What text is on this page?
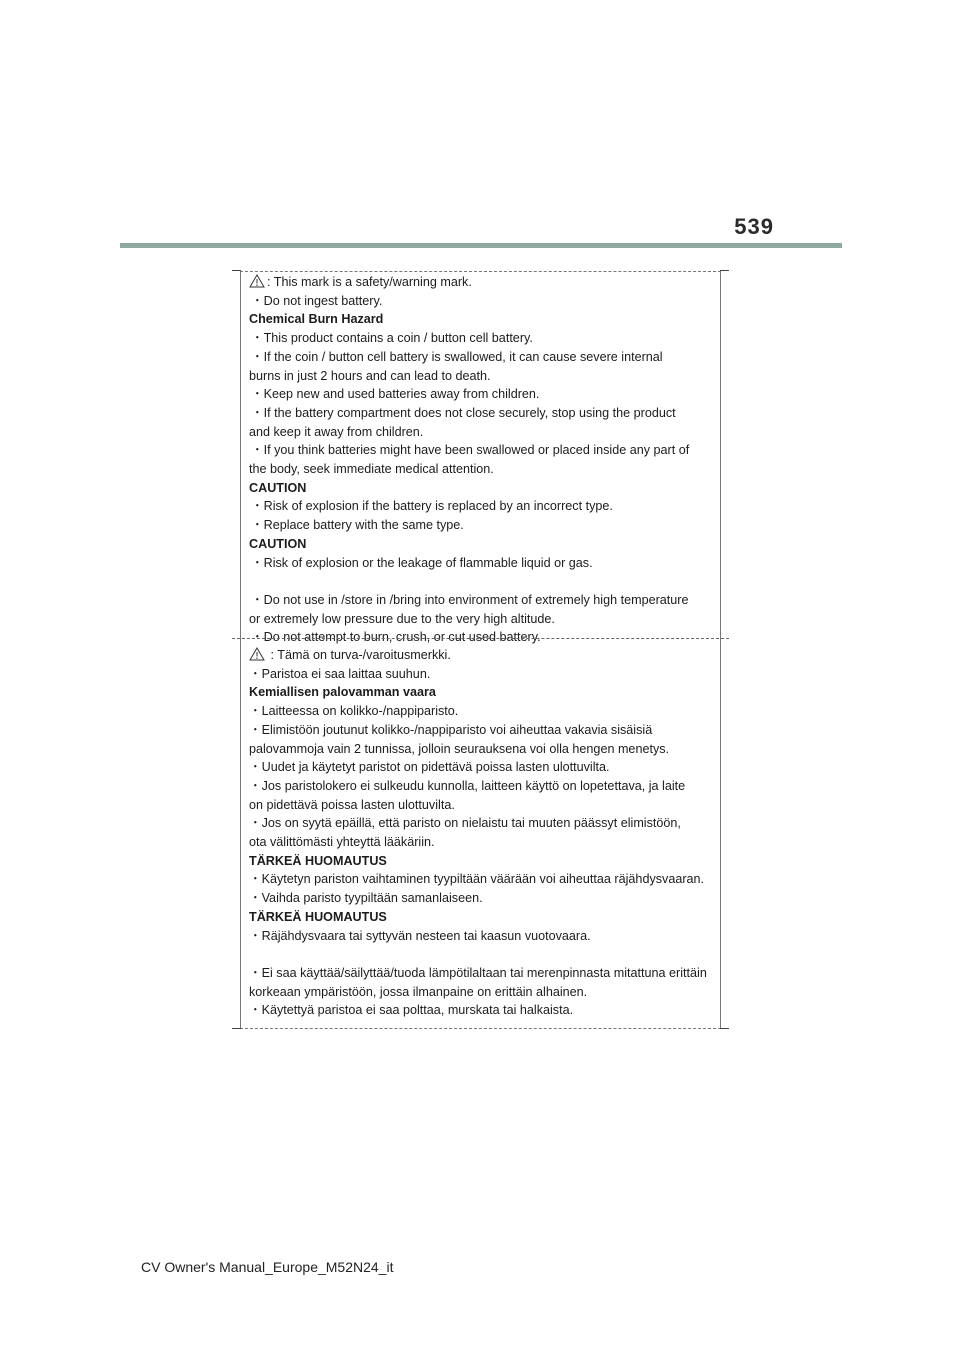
539
: This mark is a safety/warning mark.
・Do not ingest battery.
Chemical Burn Hazard
・This product contains a coin / button cell battery.
・If the coin / button cell battery is swallowed, it can cause severe internal
burns in just 2 hours and can lead to death.
・Keep new and used batteries away from children.
・If the battery compartment does not close securely, stop using the product
and keep it away from children.
・If you think batteries might have been swallowed or placed inside any part of
the body, seek immediate medical attention.
CAUTION
・Risk of explosion if the battery is replaced by an incorrect type.
・Replace battery with the same type.
CAUTION
・Risk of explosion or the leakage of flammable liquid or gas.
・Do not use in /store in /bring into environment of extremely high temperature
or extremely low pressure due to the very high altitude.
・Do not attempt to burn, crush, or cut used battery.
: Tämä on turva-/varoitusmerkki.
・Paristoa ei saa laittaa suuhun.
Kemiallisen palovamman vaara
・Laitteessa on kolikko-/nappiparisto.
・Elimistöön joutunut kolikko-/nappiparisto voi aiheuttaa vakavia sisäisiä
palovammoja vain 2 tunnissa, jolloin seurauksena voi olla hengen menetys.
・Uudet ja käytetyt paristot on pidettävä poissa lasten ulottuvilta.
・Jos paristolokero ei sulkeudu kunnolla, laitteen käyttö on lopetettava, ja laite
on pidettävä poissa lasten ulottuvilta.
・Jos on syytä epäillä, että paristo on nielaistu tai muuten päässyt elimistöön,
ota välittömästi yhteyttä lääkäriin.
TÄRKEÄ HUOMAUTUS
・Käytetyn pariston vaihtaminen tyypiltään väärään voi aiheuttaa räjähdysvaaran.
・Vaihda paristo tyypiltään samanlaiseen.
TÄRKEÄ HUOMAUTUS
・Räjähdysvaara tai syttyvän nesteen tai kaasun vuotovaara.
・Ei saa käyttää/säilyttää/tuoda lämpötilaltaan tai merenpinnasta mitattuna erittäin
korkeaan ympäristöön, jossa ilmanpaine on erittäin alhainen.
・Käytettyä paristoa ei saa polttaa, murskata tai halkaista.
CV Owner's Manual_Europe_M52N24_it
